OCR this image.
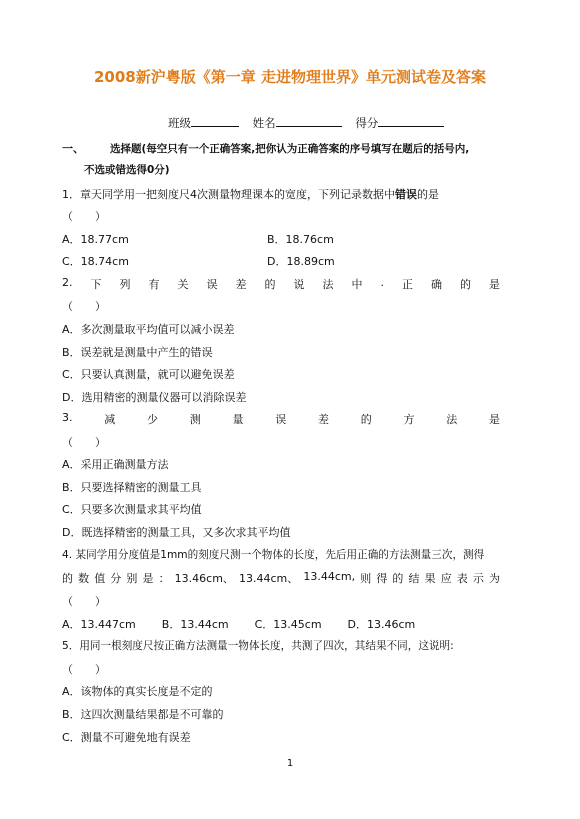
2008新沪粤版《第一章 走进物理世界》单元测试卷及答案
班级	姓名	得分
一、 选择题(每空只有一个正确答案,把你认为正确答案的序号填写在题后的括号内,
不选或错选得0分)
1．章天同学用一把刻度尺4次测量物理课本的宽度，下列记录数据中错误的是
（　　）
A．18.77cm	B．18.76cm
C．18.74cm	D．18.89cm
2. 下 列 有 关 误 差 的 说 法 中 . 正 确 的 是
（　　）
A．多次测量取平均值可以减小误差
B．误差就是测量中产生的错误
C．只要认真测量，就可以避免误差
D．选用精密的测量仪器可以消除误差
3.	减	少	测	量	误	差	的	方	法	是
（　　）
A．采用正确测量方法
B．只要选择精密的测量工具
C．只要多次测量求其平均值
D．既选择精密的测量工具，又多次求其平均值
4. 某同学用分度值是1mm的刻度尺测一个物体的长度，先后用正确的方法测量三次，测得
的 数 值 分 别 是 ： 13.46cm、 13.44cm、 13.44cm, 则 得 的 结 果 应 表 示 为
（　　）
A．13.447cm B．13.44cm C．13.45cm D．13.46cm
5．用同一根刻度尺按正确方法测量一物体长度，共测了四次，其结果不同，这说明:
（　　）
A．该物体的真实长度是不定的
B．这四次测量结果都是不可靠的
C．测量不可避免地有误差
1
